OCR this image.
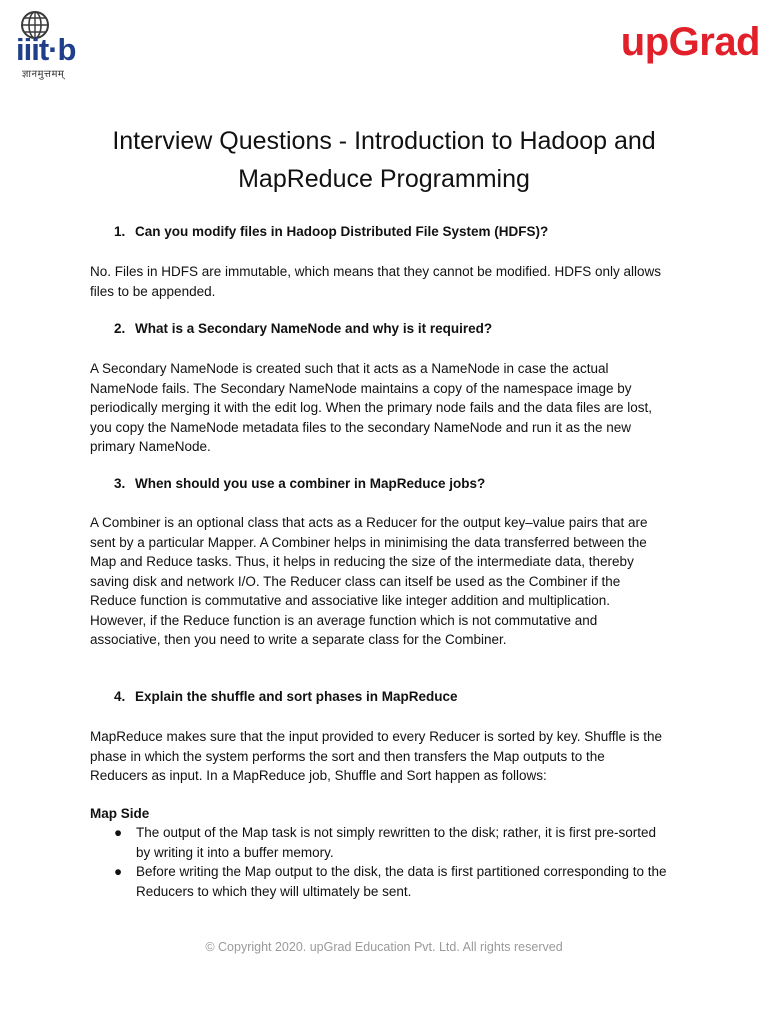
iiit·b
ज्ञानमुत्तमम्
upGrad
Interview Questions - Introduction to Hadoop and
MapReduce Programming
1. Can you modify files in Hadoop Distributed File System (HDFS)?
No. Files in HDFS are immutable, which means that they cannot be modified. HDFS only allows
files to be appended.
2. What is a Secondary NameNode and why is it required?
A Secondary NameNode is created such that it acts as a NameNode in case the actual
NameNode fails. The Secondary NameNode maintains a copy of the namespace image by
periodically merging it with the edit log. When the primary node fails and the data files are lost,
you copy the NameNode metadata files to the secondary NameNode and run it as the new
primary NameNode.
3. When should you use a combiner in MapReduce jobs?
A Combiner is an optional class that acts as a Reducer for the output key–value pairs that are
sent by a particular Mapper. A Combiner helps in minimising the data transferred between the
Map and Reduce tasks. Thus, it helps in reducing the size of the intermediate data, thereby
saving disk and network I/O. The Reducer class can itself be used as the Combiner if the
Reduce function is commutative and associative like integer addition and multiplication.
However, if the Reduce function is an average function which is not commutative and
associative, then you need to write a separate class for the Combiner.
4. Explain the shuffle and sort phases in MapReduce
MapReduce makes sure that the input provided to every Reducer is sorted by key. Shuffle is the
phase in which the system performs the sort and then transfers the Map outputs to the
Reducers as input. In a MapReduce job, Shuffle and Sort happen as follows:
Map Side
● The output of the Map task is not simply rewritten to the disk; rather, it is first pre-sorted
by writing it into a buffer memory.
● Before writing the Map output to the disk, the data is first partitioned corresponding to the
Reducers to which they will ultimately be sent.
© Copyright 2020. upGrad Education Pvt. Ltd. All rights reserved
